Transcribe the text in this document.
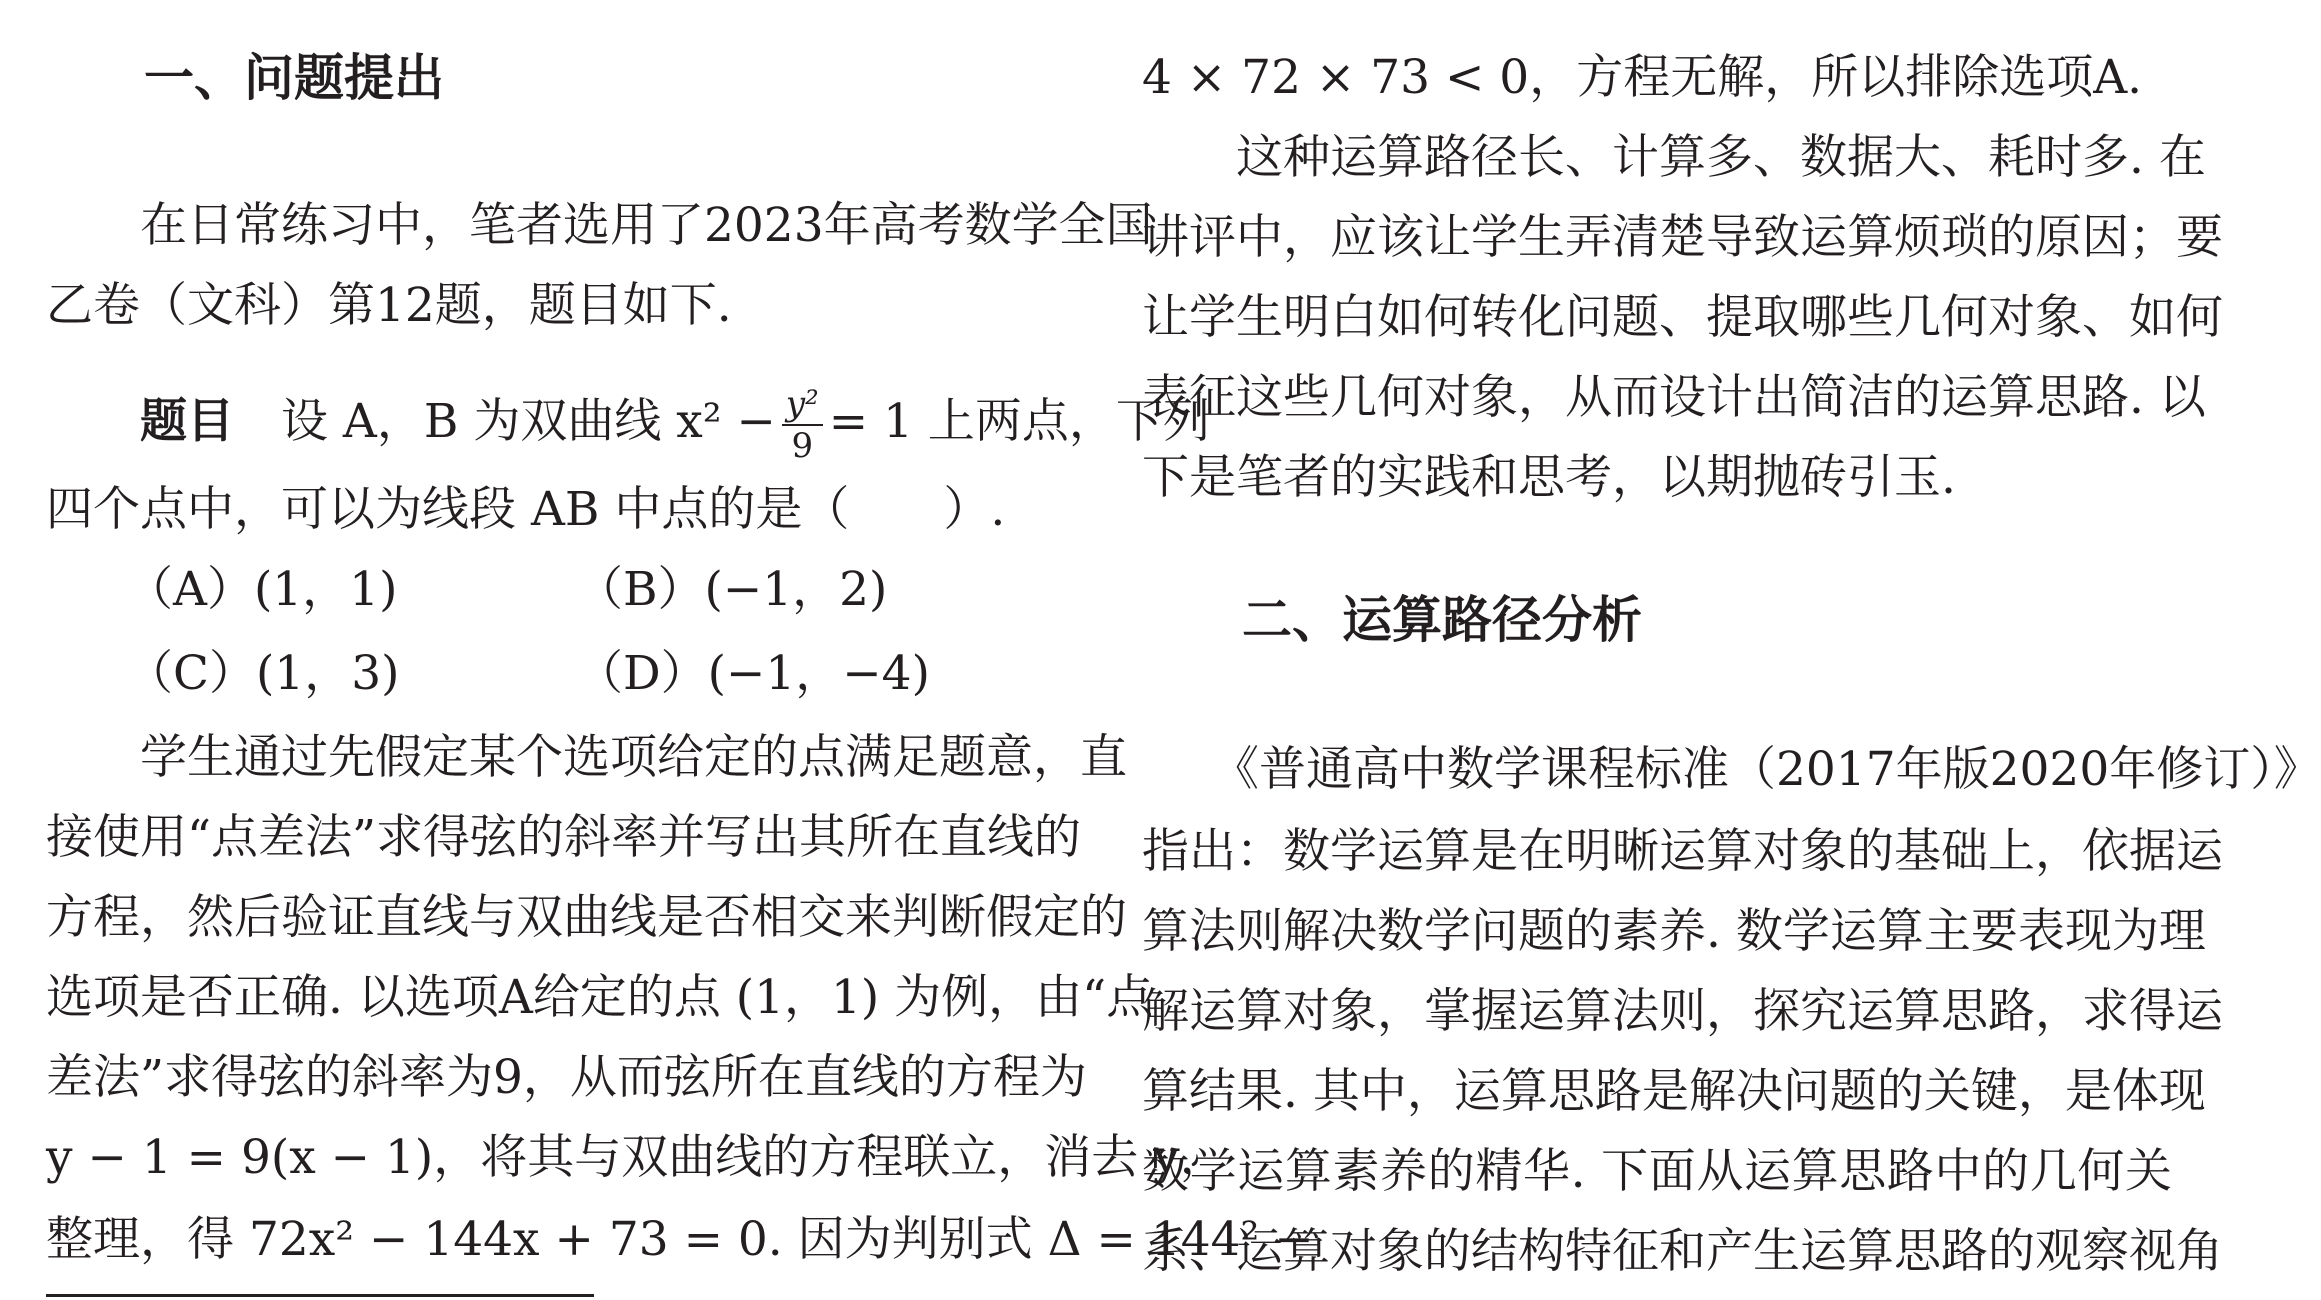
一、问题提出
在日常练习中，笔者选用了2023年高考数学全国
乙卷（文科）第12题，题目如下.
题目 设 A，B 为双曲线 $x^2 - \frac{\text{y²}}{9} = 1$ 上两点，下列
四个点中，可以为线段 AB 中点的是（　　）.
（A）(1，1)	（B）(−1，2)
（C）(1，3)	（D）(−1，−4)
学生通过先假定某个选项给定的点满足题意，直
接使用“点差法”求得弦的斜率并写出其所在直线的
方程，然后验证直线与双曲线是否相交来判断假定的
选项是否正确. 以选项A给定的点 (1，1) 为例，由“点
差法”求得弦的斜率为9，从而弦所在直线的方程为
y − 1 = 9(x − 1)，将其与双曲线的方程联立，消去 y，
整理，得 72x² − 144x + 73 = 0. 因为判别式 Δ = 144² −
4 × 72 × 73 < 0，方程无解，所以排除选项A.
这种运算路径长、计算多、数据大、耗时多. 在
讲评中，应该让学生弄清楚导致运算烦琐的原因；要
让学生明白如何转化问题、提取哪些几何对象、如何
表征这些几何对象，从而设计出简洁的运算思路. 以
下是笔者的实践和思考，以期抛砖引玉.
二、运算路径分析
《普通高中数学课程标准（2017年版2020年修订）》
指出：数学运算是在明晰运算对象的基础上，依据运
算法则解决数学问题的素养. 数学运算主要表现为理
解运算对象，掌握运算法则，探究运算思路，求得运
算结果. 其中，运算思路是解决问题的关键，是体现
数学运算素养的精华. 下面从运算思路中的几何关
系、运算对象的结构特征和产生运算思路的观察视角
